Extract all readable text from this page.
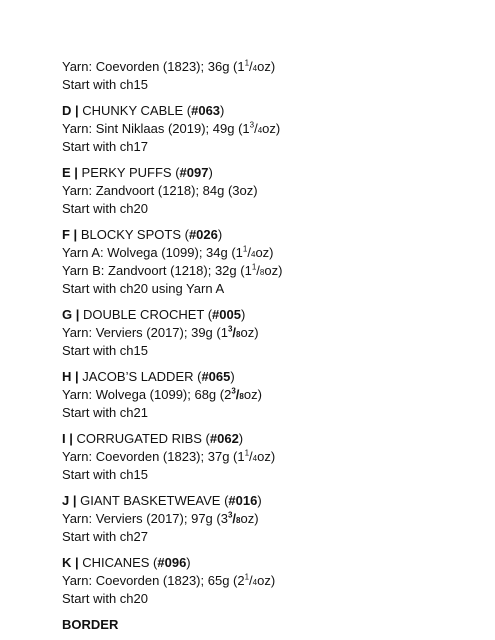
Yarn: Coevorden (1823); 36g $(1^1/4oz)$
Start with ch15
D | CHUNKY CABLE (#063)
Yarn: Sint Niklaas (2019); 49g $(1^3/4oz)$
Start with ch17
E | PERKY PUFFS (#097)
Yarn: Zandvoort (1218); 84g (3oz)
Start with ch20
F | BLOCKY SPOTS (#026)
Yarn A: Wolvega (1099); 34g $(1^1/4oz)$
Yarn B: Zandvoort (1218); 32g $(1^1/8oz)$
Start with ch20 using Yarn A
G | DOUBLE CROCHET (#005)
Yarn: Verviers (2017); 39g $(1^3/8oz)$
Start with ch15
H | JACOB’S LADDER (#065)
Yarn: Wolvega (1099); 68g $(2^3/8oz)$
Start with ch21
I | CORRUGATED RIBS (#062)
Yarn: Coevorden (1823); 37g $(1^1/4oz)$
Start with ch15
J | GIANT BASKETWEAVE (#016)
Yarn: Verviers (2017); 97g $(3^3/8oz)$
Start with ch27
K | CHICANES (#096)
Yarn: Coevorden (1823); 65g $(2^1/4oz)$
Start with ch20
BORDER
